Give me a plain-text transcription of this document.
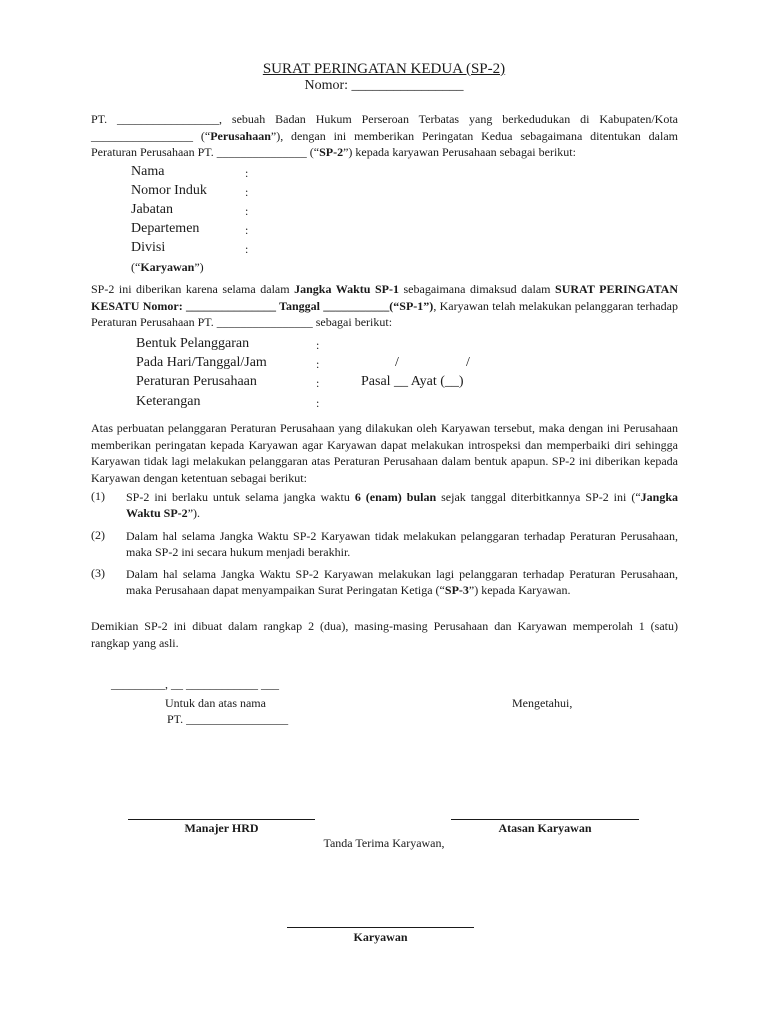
SURAT PERINGATAN KEDUA (SP-2)
Nomor: ________________
PT. _________________, sebuah Badan Hukum Perseroan Terbatas yang berkedudukan di Kabupaten/Kota _________________ (“Perusahaan”), dengan ini memberikan Peringatan Kedua sebagaimana ditentukan dalam Peraturan Perusahaan PT. _______________ (“SP-2”) kepada karyawan Perusahaan sebagai berikut:
Nama	:
Nomor Induk	:
Jabatan	:
Departemen	:
Divisi	:
(“Karyawan”)
SP-2 ini diberikan karena selama dalam Jangka Waktu SP-1 sebagaimana dimaksud dalam SURAT PERINGATAN KESATU Nomor: _______________ Tanggal ___________(“SP-1”), Karyawan telah melakukan pelanggaran terhadap Peraturan Perusahaan PT. ________________ sebagai berikut:
Bentuk Pelanggaran	:
Pada Hari/Tanggal/Jam	:	/	/
Peraturan Perusahaan	:	Pasal __ Ayat (__)
Keterangan	:
Atas perbuatan pelanggaran Peraturan Perusahaan yang dilakukan oleh Karyawan tersebut, maka dengan ini Perusahaan memberikan peringatan kepada Karyawan agar Karyawan dapat melakukan introspeksi dan memperbaiki diri sehingga Karyawan tidak lagi melakukan pelanggaran atas Peraturan Perusahaan dalam bentuk apapun. SP-2 ini diberikan kepada Karyawan dengan ketentuan sebagai berikut:
(1) SP-2 ini berlaku untuk selama jangka waktu 6 (enam) bulan sejak tanggal diterbitkannya SP-2 ini (“Jangka Waktu SP-2”).
(2) Dalam hal selama Jangka Waktu SP-2 Karyawan tidak melakukan pelanggaran terhadap Peraturan Perusahaan, maka SP-2 ini secara hukum menjadi berakhir.
(3) Dalam hal selama Jangka Waktu SP-2 Karyawan melakukan lagi pelanggaran terhadap Peraturan Perusahaan, maka Perusahaan dapat menyampaikan Surat Peringatan Ketiga (“SP-3”) kepada Karyawan.
Demikian SP-2 ini dibuat dalam rangkap 2 (dua), masing-masing Perusahaan dan Karyawan memperolah 1 (satu) rangkap yang asli.
_________, __ ____________ ___
Untuk dan atas nama
PT. _________________
Mengetahui,
Manajer HRD	Atasan Karyawan
Tanda Terima Karyawan,
Karyawan
